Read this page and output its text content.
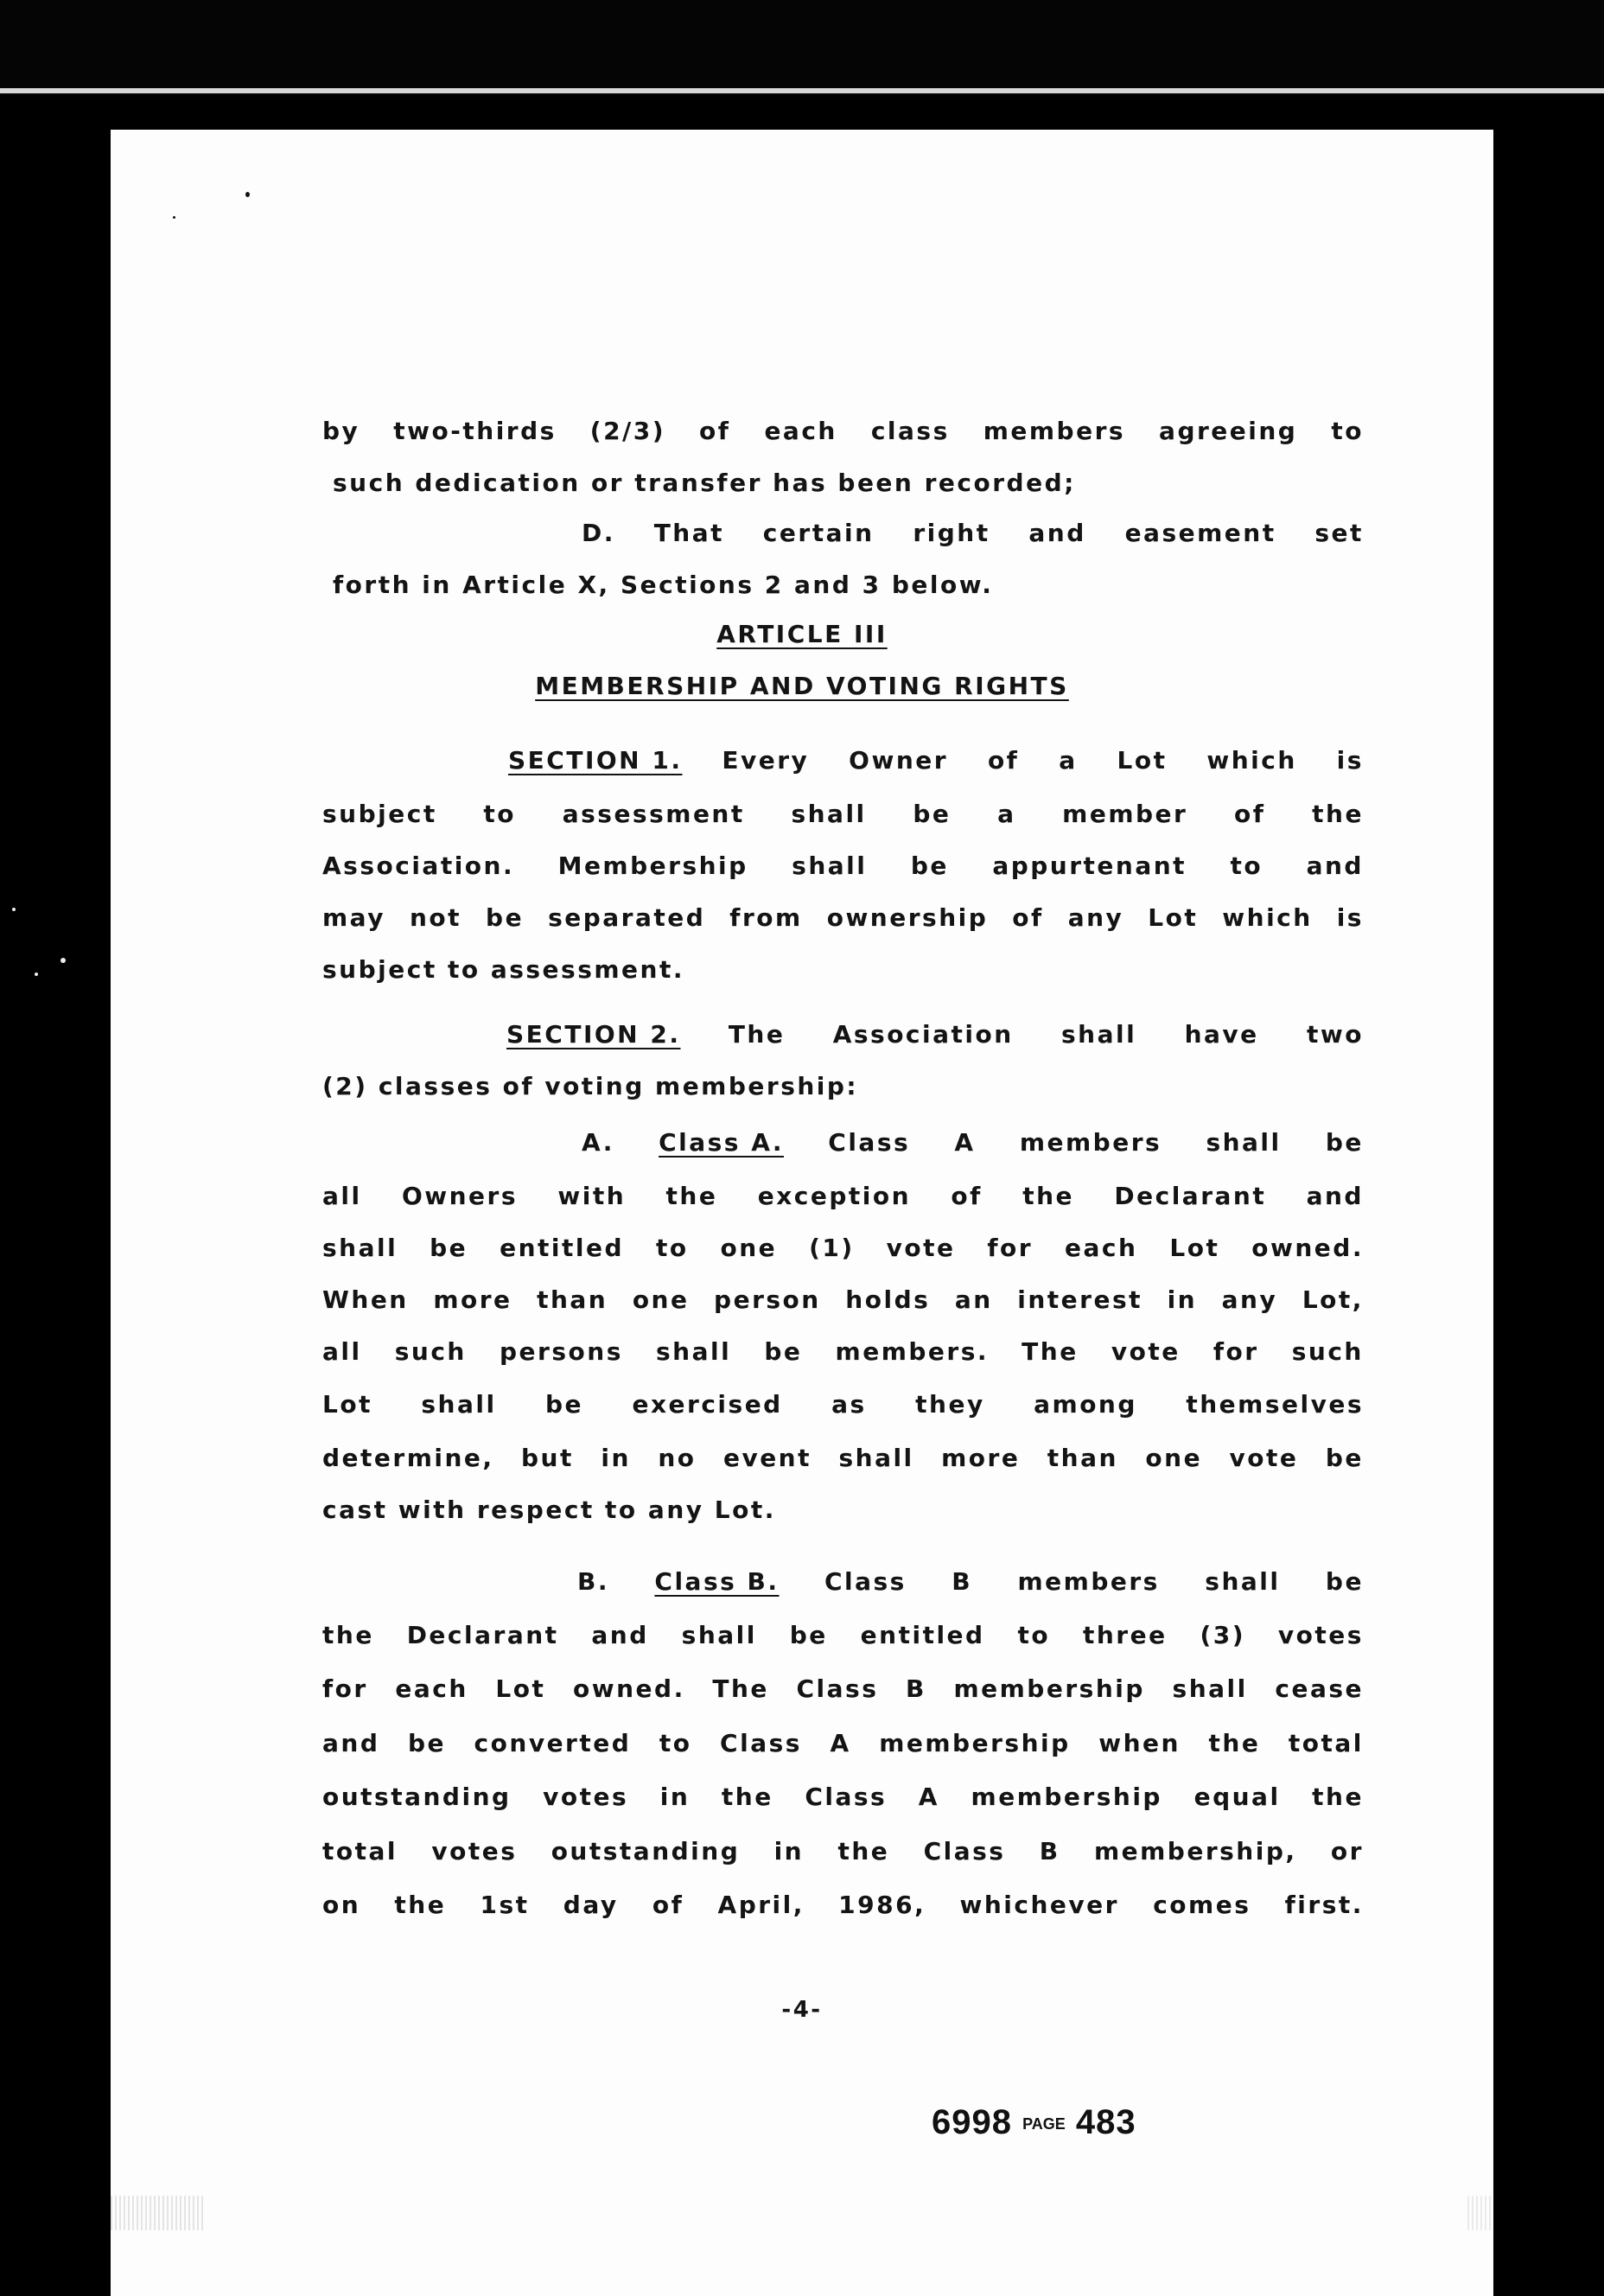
by two-thirds (2/3) of each class members agreeing to
such dedication or transfer has been recorded;
D. That certain right and easement set
forth in Article X, Sections 2 and 3 below.
ARTICLE III
MEMBERSHIP AND VOTING RIGHTS
SECTION 1. Every Owner of a Lot which is
subject to assessment shall be a member of the
Association. Membership shall be appurtenant to and
may not be separated from ownership of any Lot which is
subject to assessment.
SECTION 2. The Association shall have two
(2) classes of voting membership:
A. Class A. Class A members shall be
all Owners with the exception of the Declarant and
shall be entitled to one (1) vote for each Lot owned.
When more than one person holds an interest in any Lot,
all such persons shall be members. The vote for such
Lot shall be exercised as they among themselves
determine, but in no event shall more than one vote be
cast with respect to any Lot.
B. Class B. Class B members shall be
the Declarant and shall be entitled to three (3) votes
for each Lot owned. The Class B membership shall cease
and be converted to Class A membership when the total
outstanding votes in the Class A membership equal the
total votes outstanding in the Class B membership, or
on the 1st day of April, 1986, whichever comes first.
-4-
6998 PAGE 483
